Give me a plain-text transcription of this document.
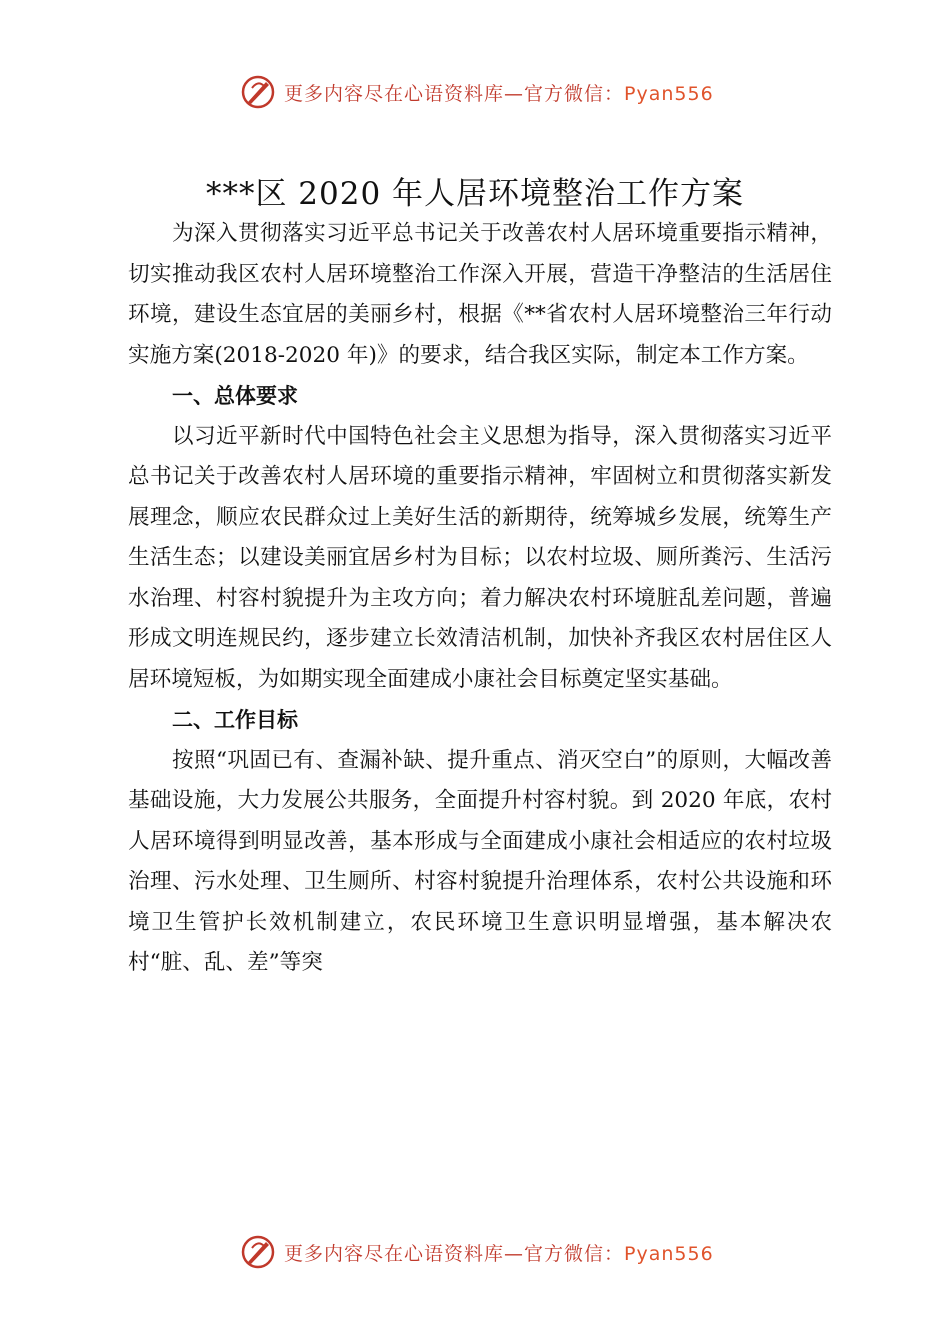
更多内容尽在心语资料库—官方微信：Pyan556
***区 2020 年人居环境整治工作方案

为深入贯彻落实习近平总书记关于改善农村人居环境重要指示精神，切实推动我区农村人居环境整治工作深入开展，营造干净整洁的生活居住环境，建设生态宜居的美丽乡村，根据《**省农村人居环境整治三年行动实施方案(2018-2020 年)》的要求，结合我区实际，制定本工作方案。

一、总体要求

以习近平新时代中国特色社会主义思想为指导，深入贯彻落实习近平总书记关于改善农村人居环境的重要指示精神，牢固树立和贯彻落实新发展理念，顺应农民群众过上美好生活的新期待，统筹城乡发展，统筹生产生活生态；以建设美丽宜居乡村为目标；以农村垃圾、厕所粪污、生活污水治理、村容村貌提升为主攻方向；着力解决农村环境脏乱差问题，普遍形成文明连规民约，逐步建立长效清洁机制，加快补齐我区农村居住区人居环境短板，为如期实现全面建成小康社会目标奠定坚实基础。

二、工作目标

按照“巩固已有、查漏补缺、提升重点、消灭空白”的原则，大幅改善基础设施，大力发展公共服务，全面提升村容村貌。到 2020 年底，农村人居环境得到明显改善，基本形成与全面建成小康社会相适应的农村垃圾治理、污水处理、卫生厕所、村容村貌提升治理体系，农村公共设施和环境卫生管护长效机制建立，农民环境卫生意识明显增强，基本解决农村“脏、乱、差”等突

更多内容尽在心语资料库—官方微信：Pyan556
